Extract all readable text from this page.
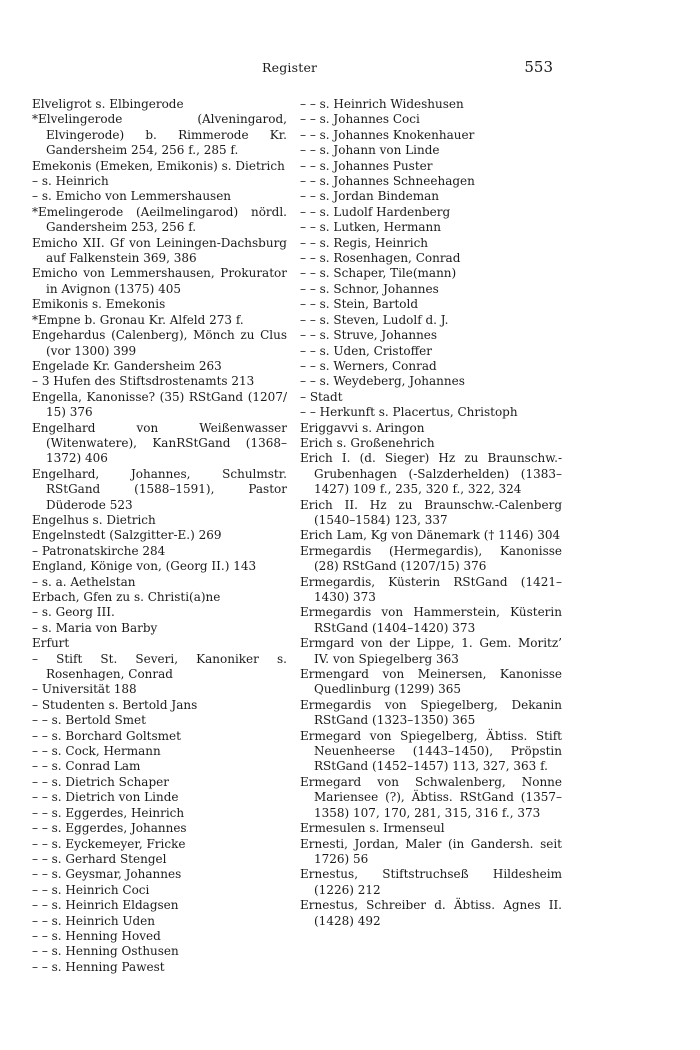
Register	553

Elveligrot s. Elbingerode

*Elvelingerode (Alveningarod, Elvingerode) b. Rimmerode Kr. Gandersheim 254, 256 f., 285 f.

Emekonis (Emeken, Emikonis) s. Dietrich

– s. Heinrich

– s. Emicho von Lemmershausen

*Emelingerode (Aeilmelingarod) nördl. Gandersheim 253, 256 f.

Emicho XII. Gf von Leiningen-Dachsburg auf Falkenstein 369, 386

Emicho von Lemmershausen, Prokurator in Avignon (1375) 405

Emikonis s. Emekonis

*Empne b. Gronau Kr. Alfeld 273 f.

Engehardus (Calenberg), Mönch zu Clus (vor 1300) 399

Engelade Kr. Gandersheim 263

– 3 Hufen des Stiftsdrostenamts 213

Engella, Kanonisse? (35) RStGand (1207/ 15) 376

Engelhard von Weißenwasser (Witenwatere), KanRStGand (1368–1372) 406

Engelhard, Johannes, Schulmstr. RStGand (1588–1591), Pastor Düderode 523

Engelhus s. Dietrich

Engelnstedt (Salzgitter-E.) 269

– Patronatskirche 284

England, Könige von, (Georg II.) 143

– s. a. Aethelstan

Erbach, Gfen zu s. Christi(a)ne

– s. Georg III.

– s. Maria von Barby

Erfurt

– Stift St. Severi, Kanoniker s. Rosenhagen, Conrad

– Universität 188

– Studenten s. Bertold Jans

– – s. Bertold Smet

– – s. Borchard Goltsmet

– – s. Cock, Hermann

– – s. Conrad Lam

– – s. Dietrich Schaper

– – s. Dietrich von Linde

– – s. Eggerdes, Heinrich

– – s. Eggerdes, Johannes

– – s. Eyckemeyer, Fricke

– – s. Gerhard Stengel

– – s. Geysmar, Johannes

– – s. Heinrich Coci

– – s. Heinrich Eldagsen

– – s. Heinrich Uden

– – s. Henning Hoved

– – s. Henning Osthusen

– – s. Henning Pawest

– – s. Heinrich Wideshusen

– – s. Johannes Coci

– – s. Johannes Knokenhauer

– – s. Johann von Linde

– – s. Johannes Puster

– – s. Johannes Schneehagen

– – s. Jordan Bindeman

– – s. Ludolf Hardenberg

– – s. Lutken, Hermann

– – s. Regis, Heinrich

– – s. Rosenhagen, Conrad

– – s. Schaper, Tile(mann)

– – s. Schnor, Johannes

– – s. Stein, Bartold

– – s. Steven, Ludolf d. J.

– – s. Struve, Johannes

– – s. Uden, Cristoffer

– – s. Werners, Conrad

– – s. Weydeberg, Johannes

– Stadt

– – Herkunft s. Placertus, Christoph

Eriggavvi s. Aringon

Erich s. Großenehrich

Erich I. (d. Sieger) Hz zu Braunschw.-Grubenhagen (-Salzderhelden) (1383–1427) 109 f., 235, 320 f., 322, 324

Erich II. Hz zu Braunschw.-Calenberg (1540–1584) 123, 337

Erich Lam, Kg von Dänemark († 1146) 304

Ermegardis (Hermegardis), Kanonisse (28) RStGand (1207/15) 376

Ermegardis, Küsterin RStGand (1421–1430) 373

Ermegardis von Hammerstein, Küsterin RStGand (1404–1420) 373

Ermgard von der Lippe, 1. Gem. Moritz’ IV. von Spiegelberg 363

Ermengard von Meinersen, Kanonisse Quedlinburg (1299) 365

Ermegardis von Spiegelberg, Dekanin RStGand (1323–1350) 365

Ermegard von Spiegelberg, Äbtiss. Stift Neuenheerse (1443–1450), Pröpstin RStGand (1452–1457) 113, 327, 363 f.

Ermegard von Schwalenberg, Nonne Mariensee (?), Äbtiss. RStGand (1357–1358) 107, 170, 281, 315, 316 f., 373

Ermesulen s. Irmenseul

Ernesti, Jordan, Maler (in Gandersh. seit 1726) 56

Ernestus, Stiftstruchseß Hildesheim (1226) 212

Ernestus, Schreiber d. Äbtiss. Agnes II. (1428) 492
